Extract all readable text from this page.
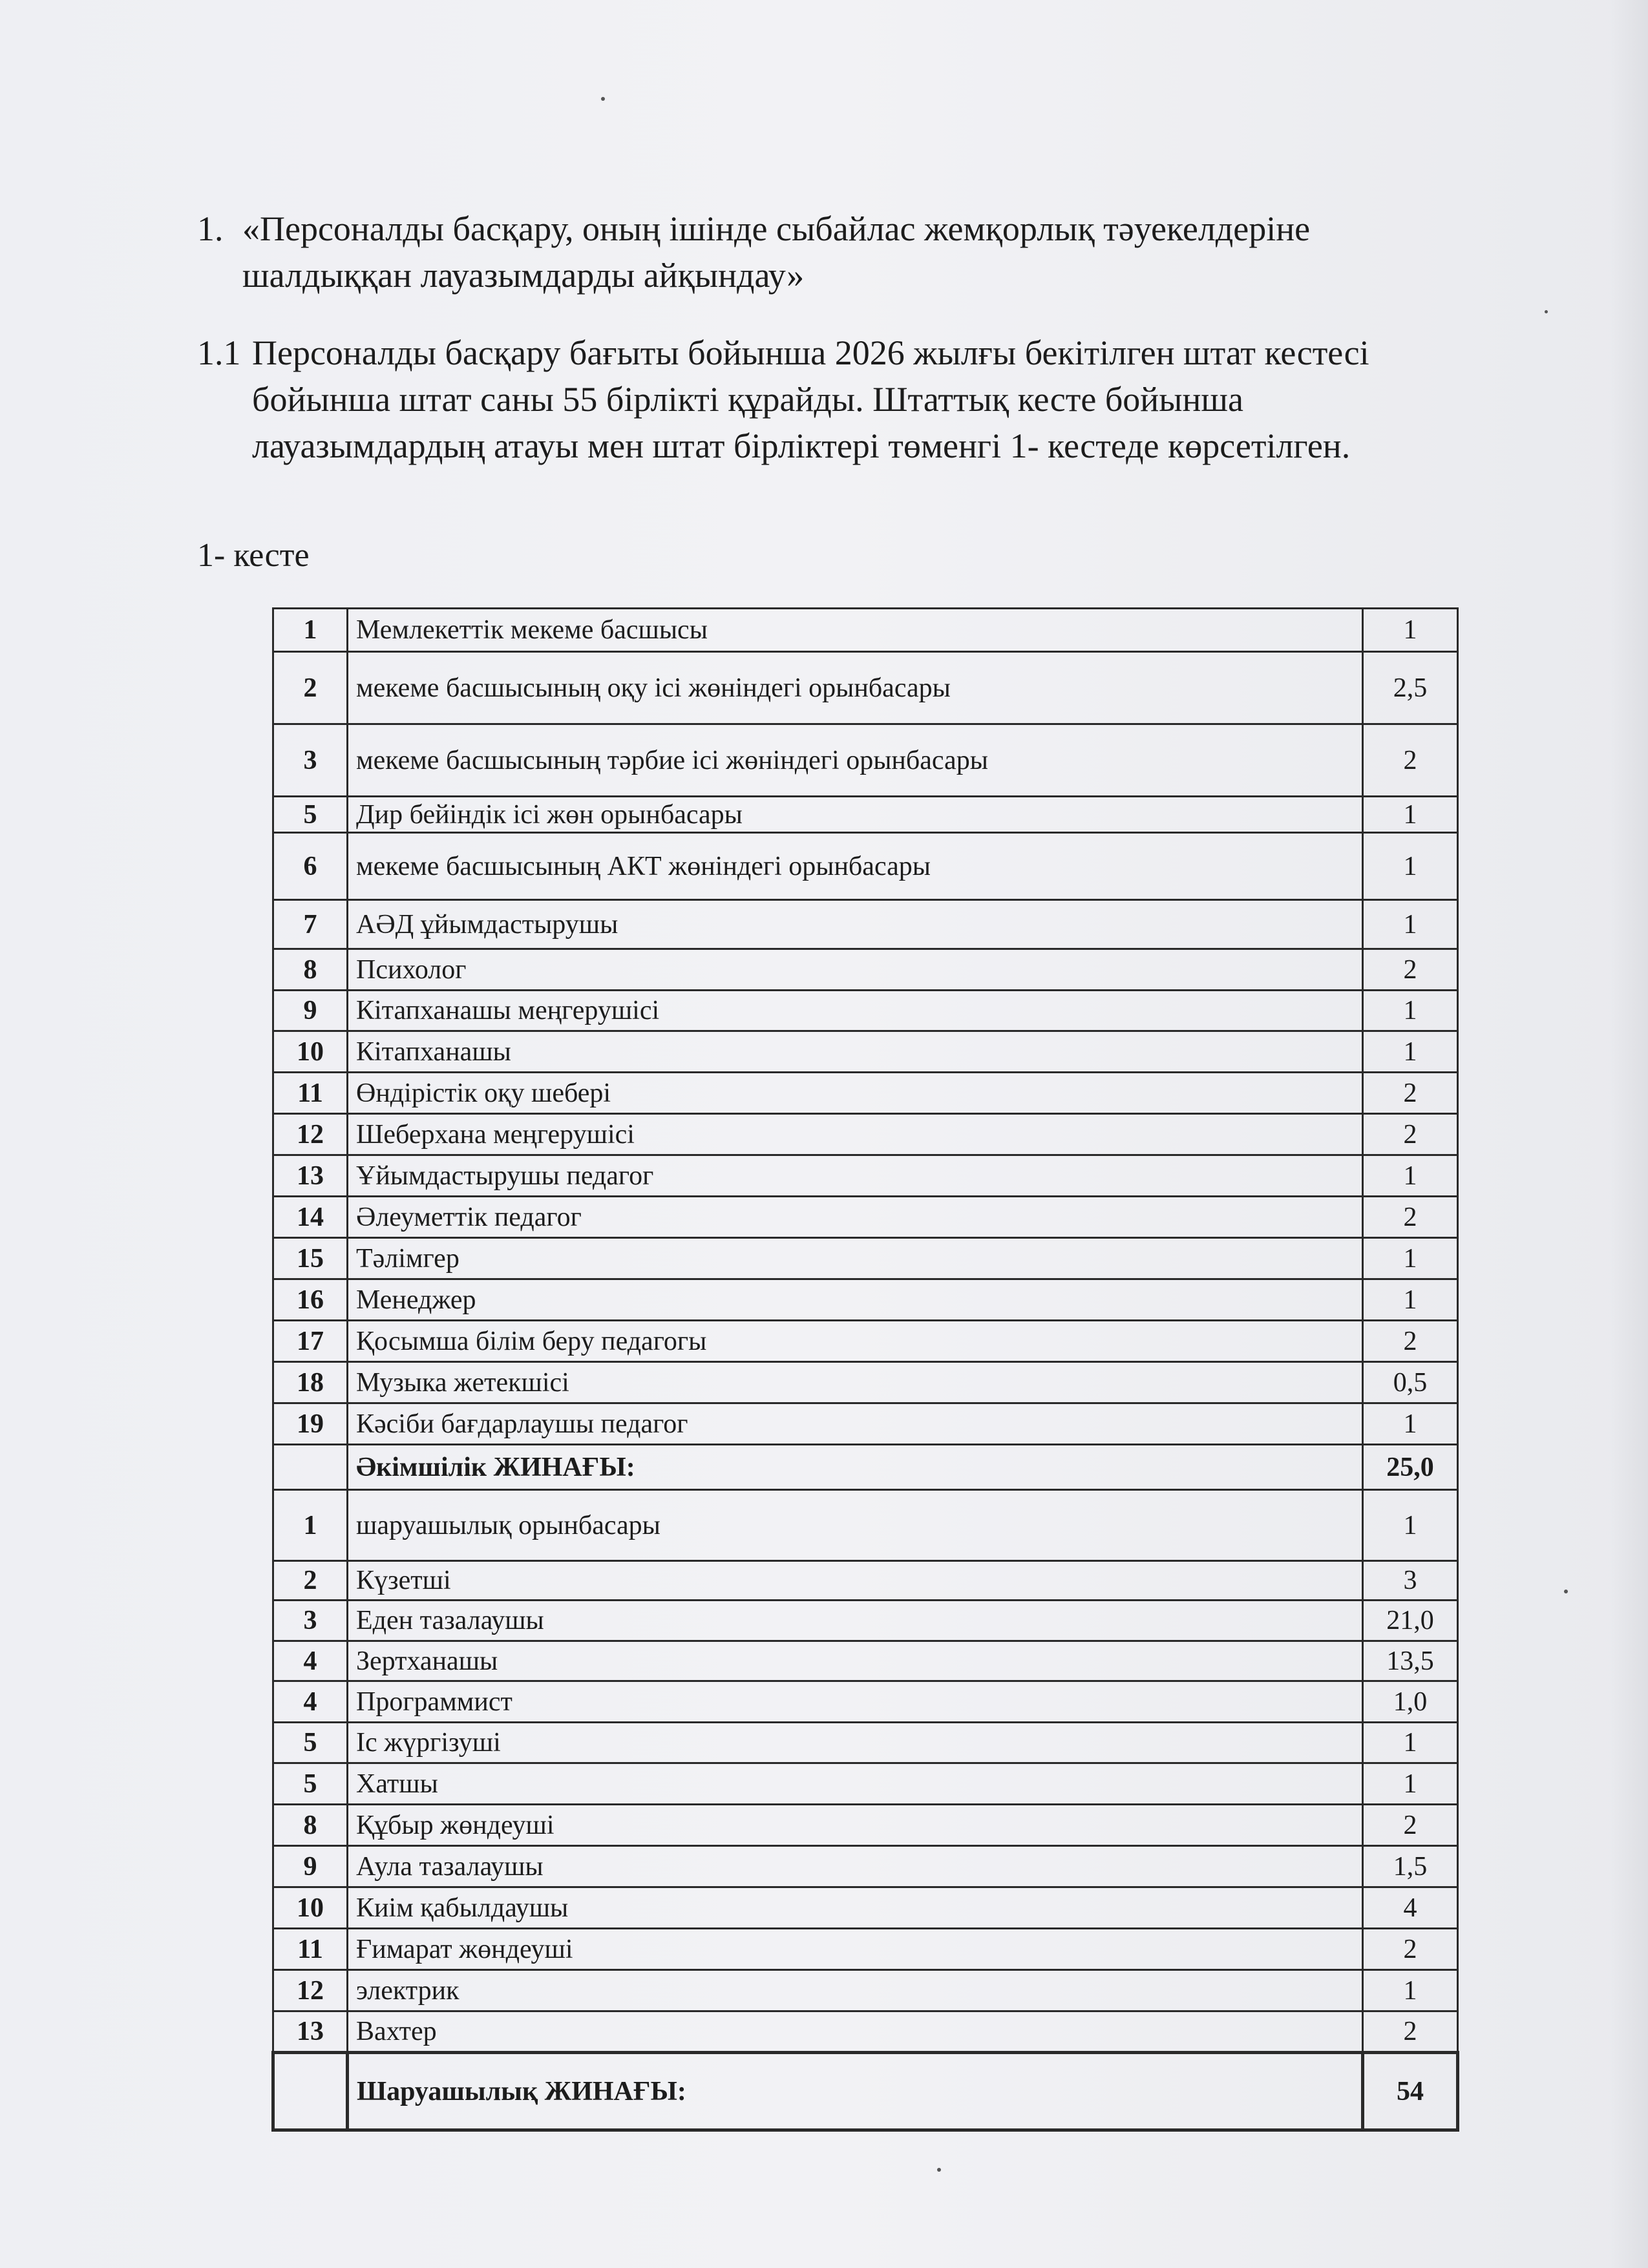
1. «Персоналды басқару, оның ішінде сыбайлас жемқорлық тәуекелдеріне
шалдыққан лауазымдарды айқындау»
1.1 Персоналды басқару бағыты бойынша 2026 жылғы бекітілген штат кестесі
бойынша штат саны 55 бірлікті құрайды. Штаттық кесте бойынша
лауазымдардың атауы мен штат бірліктері төменгі 1- кестеде көрсетілген.
1- кесте
1	Мемлекеттік мекеме басшысы	1
2	мекеме басшысының оқу ісі жөніндегі орынбасары	2,5
3	мекеме басшысының тәрбие ісі жөніндегі орынбасары	2
5	Дир бейіндік ісі жөн орынбасары	1
6	мекеме басшысының АКТ жөніндегі орынбасары	1
7	АӘД ұйымдастырушы	1
8	Психолог	2
9	Кітапханашы меңгерушісі	1
10	Кітапханашы	1
11	Өндірістік оқу шебері	2
12	Шеберхана меңгерушісі	2
13	Ұйымдастырушы педагог	1
14	Әлеуметтік педагог	2
15	Тәлімгер	1
16	Менеджер	1
17	Қосымша білім беру педагогы	2
18	Музыка жетекшісі	0,5
19	Кәсіби бағдарлаушы педагог	1
	Әкімшілік ЖИНАҒЫ:	25,0
1	шаруашылық орынбасары	1
2	Күзетші	3
3	Еден тазалаушы	21,0
4	Зертханашы	13,5
4	Программист	1,0
5	Іс жүргізуші	1
5	Хатшы	1
8	Құбыр жөндеуші	2
9	Аула тазалаушы	1,5
10	Киім қабылдаушы	4
11	Ғимарат жөндеуші	2
12	электрик	1
13	Вахтер	2
	Шаруашылық ЖИНАҒЫ:	54
